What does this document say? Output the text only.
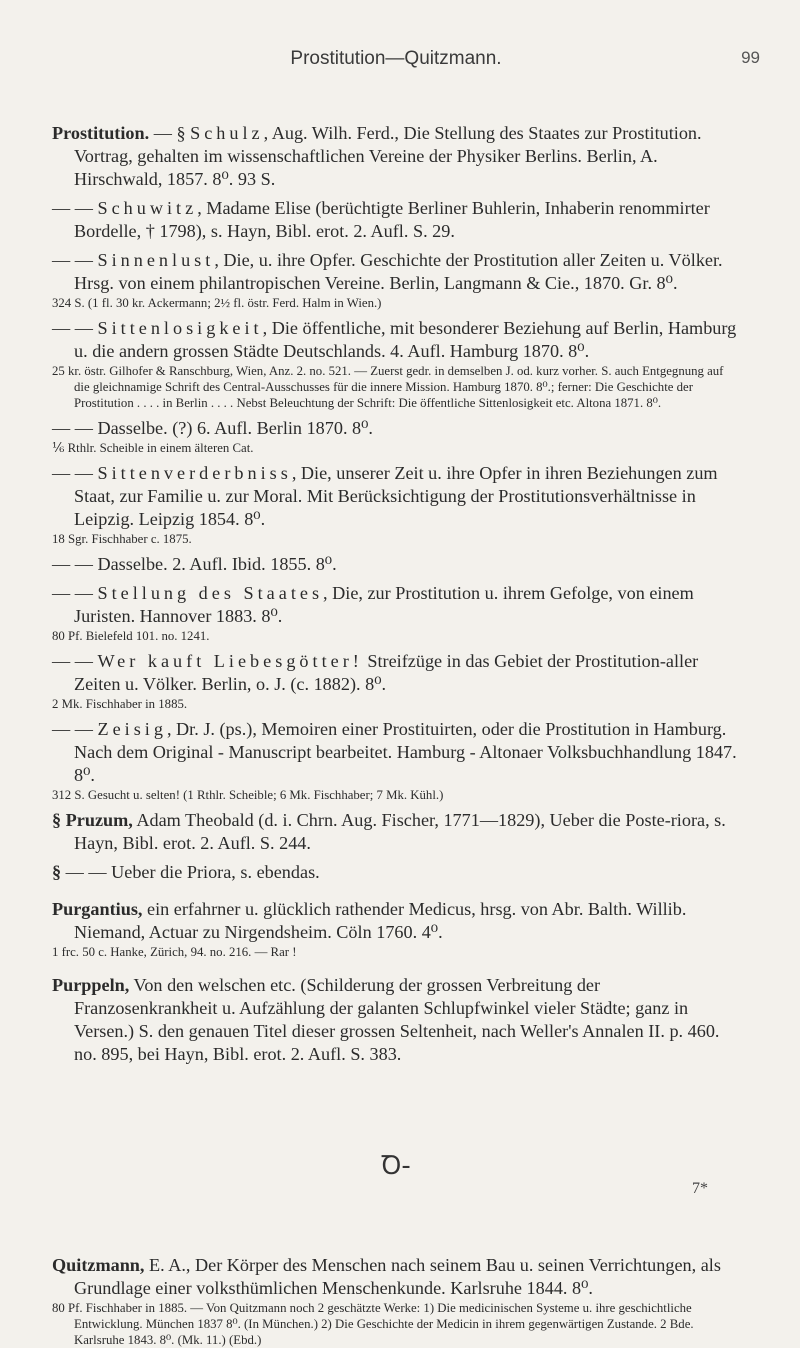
Prostitution—Quitzmann.	99

Prostitution. — § Schulz, Aug. Wilh. Ferd., Die Stellung des Staates zur Prostitution. Vortrag, gehalten im wissenschaftlichen Vereine der Physiker Berlins. Berlin, A. Hirschwald, 1857. 8⁰. 93 S.

— — Schuwitz, Madame Elise (berüchtigte Berliner Buhlerin, Inhaberin renommirter Bordelle, † 1798), s. Hayn, Bibl. erot. 2. Aufl. S. 29.

— — Sinnenlust, Die, u. ihre Opfer. Geschichte der Prostitution aller Zeiten u. Völker. Hrsg. von einem philantropischen Vereine. Berlin, Langmann & Cie., 1870. Gr. 8⁰.

324 S. (1 fl. 30 kr. Ackermann; 2½ fl. östr. Ferd. Halm in Wien.)

— — Sittenlosigkeit, Die öffentliche, mit besonderer Beziehung auf Berlin, Hamburg u. die andern grossen Städte Deutschlands. 4. Aufl. Hamburg 1870. 8⁰.

25 kr. östr. Gilhofer & Ranschburg, Wien, Anz. 2. no. 521. — Zuerst gedr. in demselben J. od. kurz vorher. S. auch Entgegnung auf die gleichnamige Schrift des Central-Ausschusses für die innere Mission. Hamburg 1870. 8⁰.; ferner: Die Geschichte der Prostitution . . . . in Berlin . . . . Nebst Beleuchtung der Schrift: Die öffentliche Sittenlosigkeit etc. Altona 1871. 8⁰.

— — Dasselbe. (?) 6. Aufl. Berlin 1870. 8⁰.

⅙ Rthlr. Scheible in einem älteren Cat.

— — Sittenverderbniss, Die, unserer Zeit u. ihre Opfer in ihren Beziehungen zum Staat, zur Familie u. zur Moral. Mit Berücksichtigung der Prostitutionsverhältnisse in Leipzig. Leipzig 1854. 8⁰.

18 Sgr. Fischhaber c. 1875.

— — Dasselbe. 2. Aufl. Ibid. 1855. 8⁰.

— — Stellung des Staates, Die, zur Prostitution u. ihrem Gefolge, von einem Juristen. Hannover 1883. 8⁰.

80 Pf. Bielefeld 101. no. 1241.

— — Wer kauft Liebesgötter! Streifzüge in das Gebiet der Prostitution-aller Zeiten u. Völker. Berlin, o. J. (c. 1882). 8⁰.

2 Mk. Fischhaber in 1885.

— — Zeisig, Dr. J. (ps.), Memoiren einer Prostituirten, oder die Prostitution in Hamburg. Nach dem Original - Manuscript bearbeitet. Hamburg - Altonaer Volksbuchhandlung 1847. 8⁰.

312 S. Gesucht u. selten! (1 Rthlr. Scheible; 6 Mk. Fischhaber; 7 Mk. Kühl.)

§ Pruzum, Adam Theobald (d. i. Chrn. Aug. Fischer, 1771—1829), Ueber die Poste-riora, s. Hayn, Bibl. erot. 2. Aufl. S. 244.

§ — — Ueber die Priora, s. ebendas.

Purgantius, ein erfahrner u. glücklich rathender Medicus, hrsg. von Abr. Balth. Willib. Niemand, Actuar zu Nirgendsheim. Cöln 1760. 4⁰.

1 frc. 50 c. Hanke, Zürich, 94. no. 216. — Rar !

Purppeln, Von den welschen etc. (Schilderung der grossen Verbreitung der Franzosenkrankheit u. Aufzählung der galanten Schlupfwinkel vieler Städte; ganz in Versen.) S. den genauen Titel dieser grossen Seltenheit, nach Weller's Annalen II. p. 460. no. 895, bei Hayn, Bibl. erot. 2. Aufl. S. 383.

Ꝺ-

Quitzmann, E. A., Der Körper des Menschen nach seinem Bau u. seinen Verrichtungen, als Grundlage einer volksthümlichen Menschenkunde. Karlsruhe 1844. 8⁰.

80 Pf. Fischhaber in 1885. — Von Quitzmann noch 2 geschätzte Werke: 1) Die medicinischen Systeme u. ihre geschichtliche Entwicklung. München 1837 8⁰. (In München.) 2) Die Geschichte der Medicin in ihrem gegenwärtigen Zustande. 2 Bde. Karlsruhe 1843. 8⁰. (Mk. 11.) (Ebd.)

7*
